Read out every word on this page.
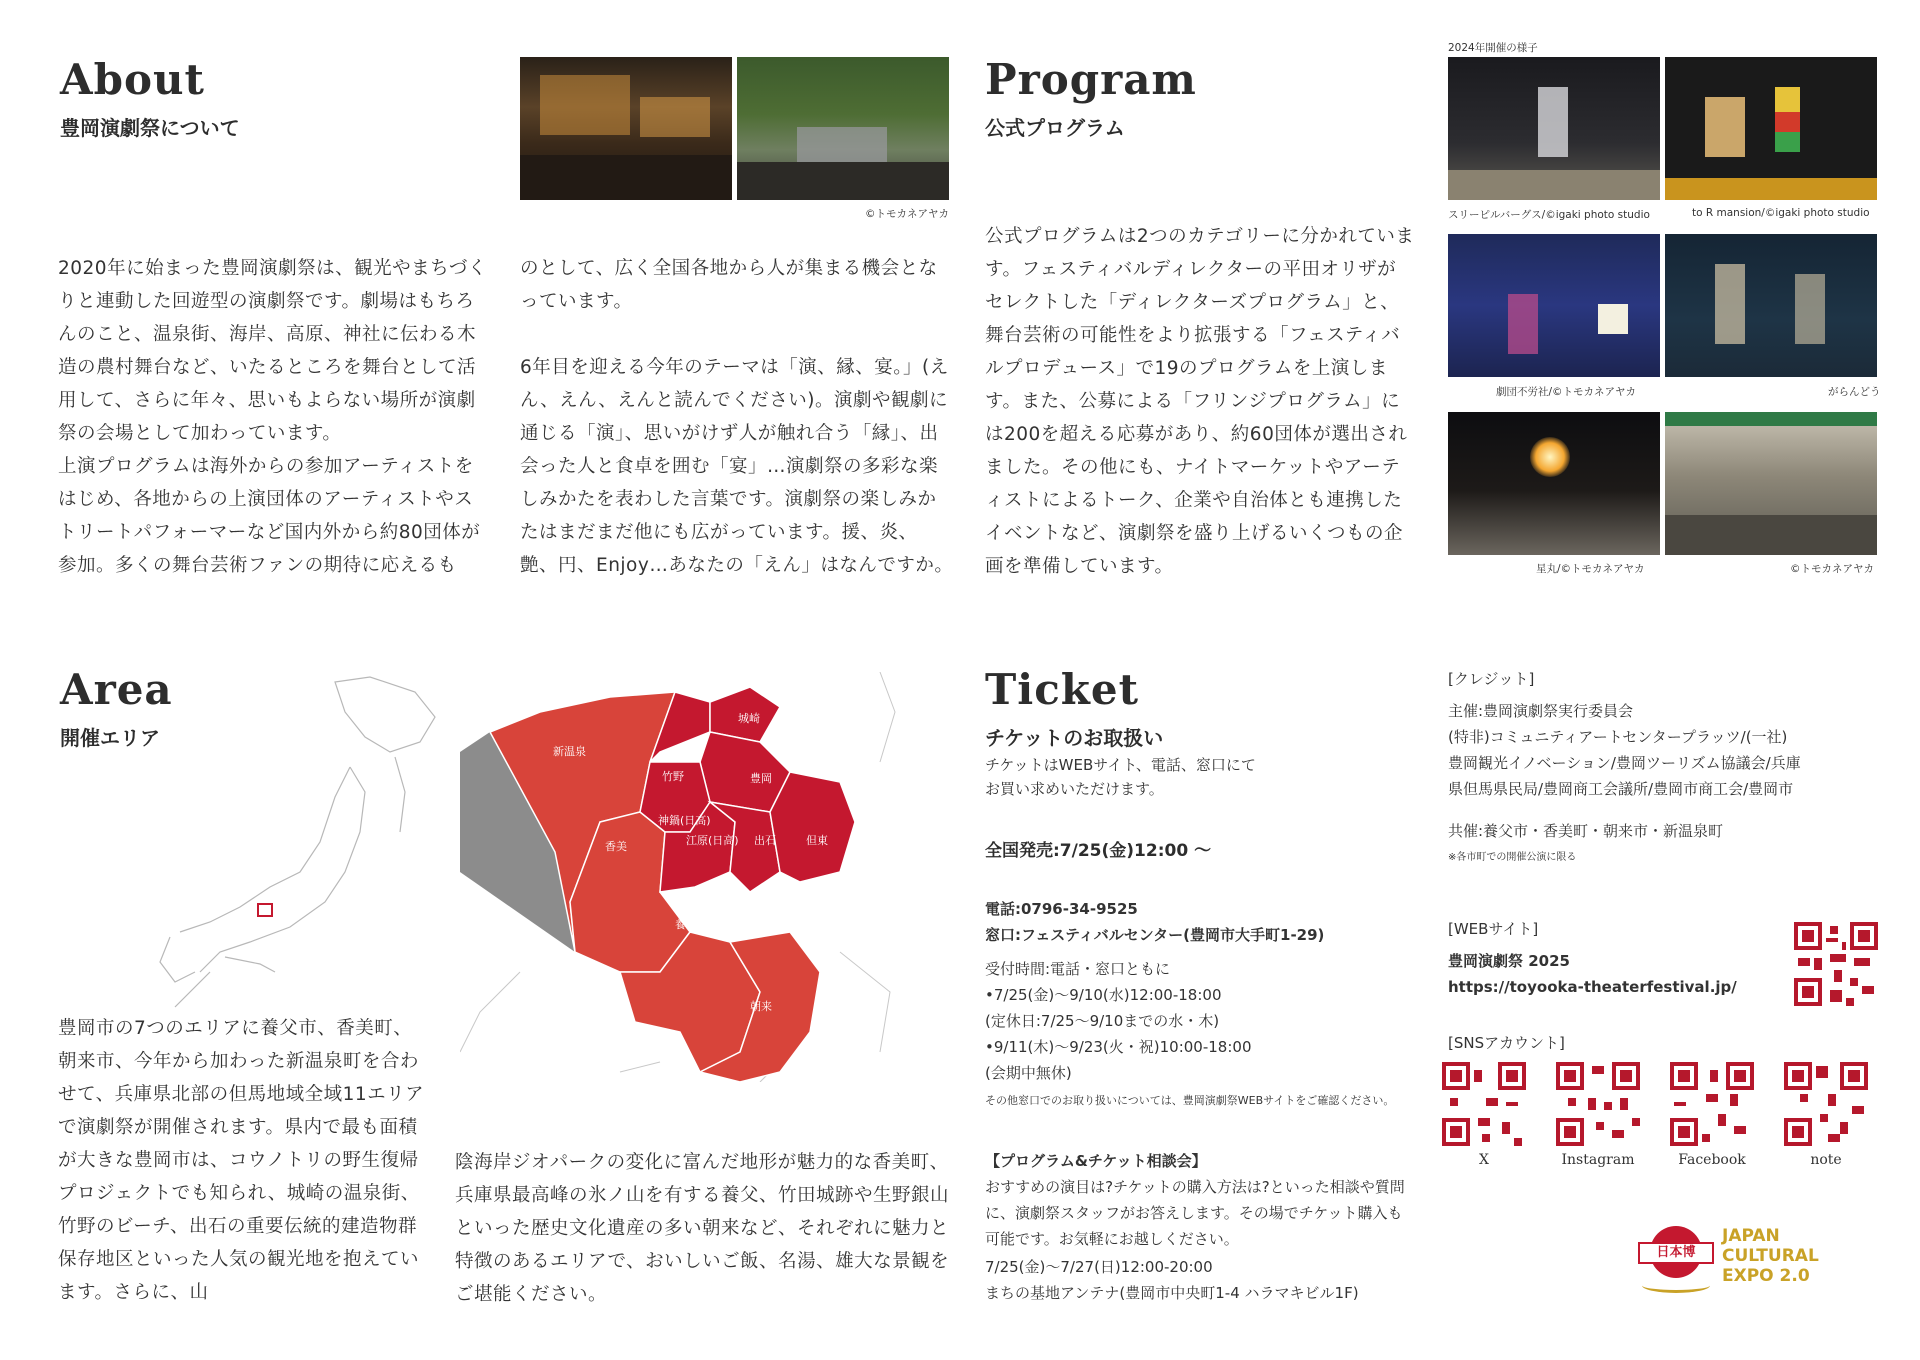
About
豊岡演劇祭について
©トモカネアヤカ

2020年に始まった豊岡演劇祭は、観光やまちづくりと連動した回遊型の演劇祭です。劇場はもちろんのこと、温泉街、海岸、高原、神社に伝わる木造の農村舞台など、いたるところを舞台として活用して、さらに年々、思いもよらない場所が演劇祭の会場として加わっています。

上演プログラムは海外からの参加アーティストをはじめ、各地からの上演団体のアーティストやストリートパフォーマーなど国内外から約80団体が参加。多くの舞台芸術ファンの期待に応えるも

のとして、広く全国各地から人が集まる機会となっています。

6年目を迎える今年のテーマは「演、縁、宴。」(えん、えん、えんと読んでください)。演劇や観劇に通じる「演」、思いがけず人が触れ合う「縁」、出会った人と食卓を囲む「宴」…演劇祭の多彩な楽しみかたを表わした言葉です。演劇祭の楽しみかたはまだまだ他にも広がっています。援、炎、艶、円、Enjoy…あなたの「えん」はなんですか。

Program
公式プログラム
公式プログラムは2つのカテゴリーに分かれています。フェスティバルディレクターの平田オリザがセレクトした「ディレクターズプログラム」と、舞台芸術の可能性をより拡張する「フェスティバルプロデュース」で19のプログラムを上演します。また、公募による「フリンジプログラム」には200を超える応募があり、約60団体が選出されました。その他にも、ナイトマーケットやアーティストによるトーク、企業や自治体とも連携したイベントなど、演劇祭を盛り上げるいくつもの企画を準備しています。
2024年開催の様子
スリーピルバーグス/©igaki photo studio	to R mansion/©igaki photo studio
劇団不労社/©トモカネアヤカ	がらんどう
星丸/©トモカネアヤカ	©トモカネアヤカ
Area
開催エリア
城崎
新温泉
竹野	豊岡
神鍋(日高)
江原(日高) 出石	但東
香美
養父
朝来
豊岡市の7つのエリアに養父市、香美町、朝来市、今年から加わった新温泉町を合わせて、兵庫県北部の但馬地域全域11エリアで演劇祭が開催されます。県内で最も面積が大きな豊岡市は、コウノトリの野生復帰プロジェクトでも知られ、城崎の温泉街、竹野のビーチ、出石の重要伝統的建造物群保存地区といった人気の観光地を抱えています。さらに、山
陰海岸ジオパークの変化に富んだ地形が魅力的な香美町、兵庫県最高峰の氷ノ山を有する養父、竹田城跡や生野銀山といった歴史文化遺産の多い朝来など、それぞれに魅力と特徴のあるエリアで、おいしいご飯、名湯、雄大な景観をご堪能ください。
Ticket
チケットのお取扱い
チケットはWEBサイト、電話、窓口にて
お買い求めいただけます。
全国発売:7/25(金)12:00 〜
電話:0796-34-9525
窓口:フェスティバルセンター(豊岡市大手町1-29)
受付時間:電話・窓口ともに
•7/25(金)〜9/10(水)12:00-18:00
(定休日:7/25〜9/10までの水・木)
•9/11(木)〜9/23(火・祝)10:00-18:00
(会期中無休)
その他窓口でのお取り扱いについては、豊岡演劇祭WEBサイトをご確認ください。
【プログラム&チケット相談会】
おすすめの演目は?チケットの購入方法は?といった相談や質問に、演劇祭スタッフがお答えします。その場でチケット購入も可能です。お気軽にお越しください。
7/25(金)〜7/27(日)12:00-20:00
まちの基地アンテナ(豊岡市中央町1-4 ハラマキビル1F)
[クレジット]
主催:豊岡演劇祭実行委員会
(特非)コミュニティアートセンタープラッツ/(一社)
豊岡観光イノベーション/豊岡ツーリズム協議会/兵庫
県但馬県民局/豊岡商工会議所/豊岡市商工会/豊岡市
共催:養父市・香美町・朝来市・新温泉町
※各市町での開催公演に限る
[WEBサイト]
豊岡演劇祭 2025
https://toyooka-theaterfestival.jp/
[SNSアカウント]
X	Instagram	Facebook	note
日本博
JAPAN
CULTURAL
EXPO 2.0
